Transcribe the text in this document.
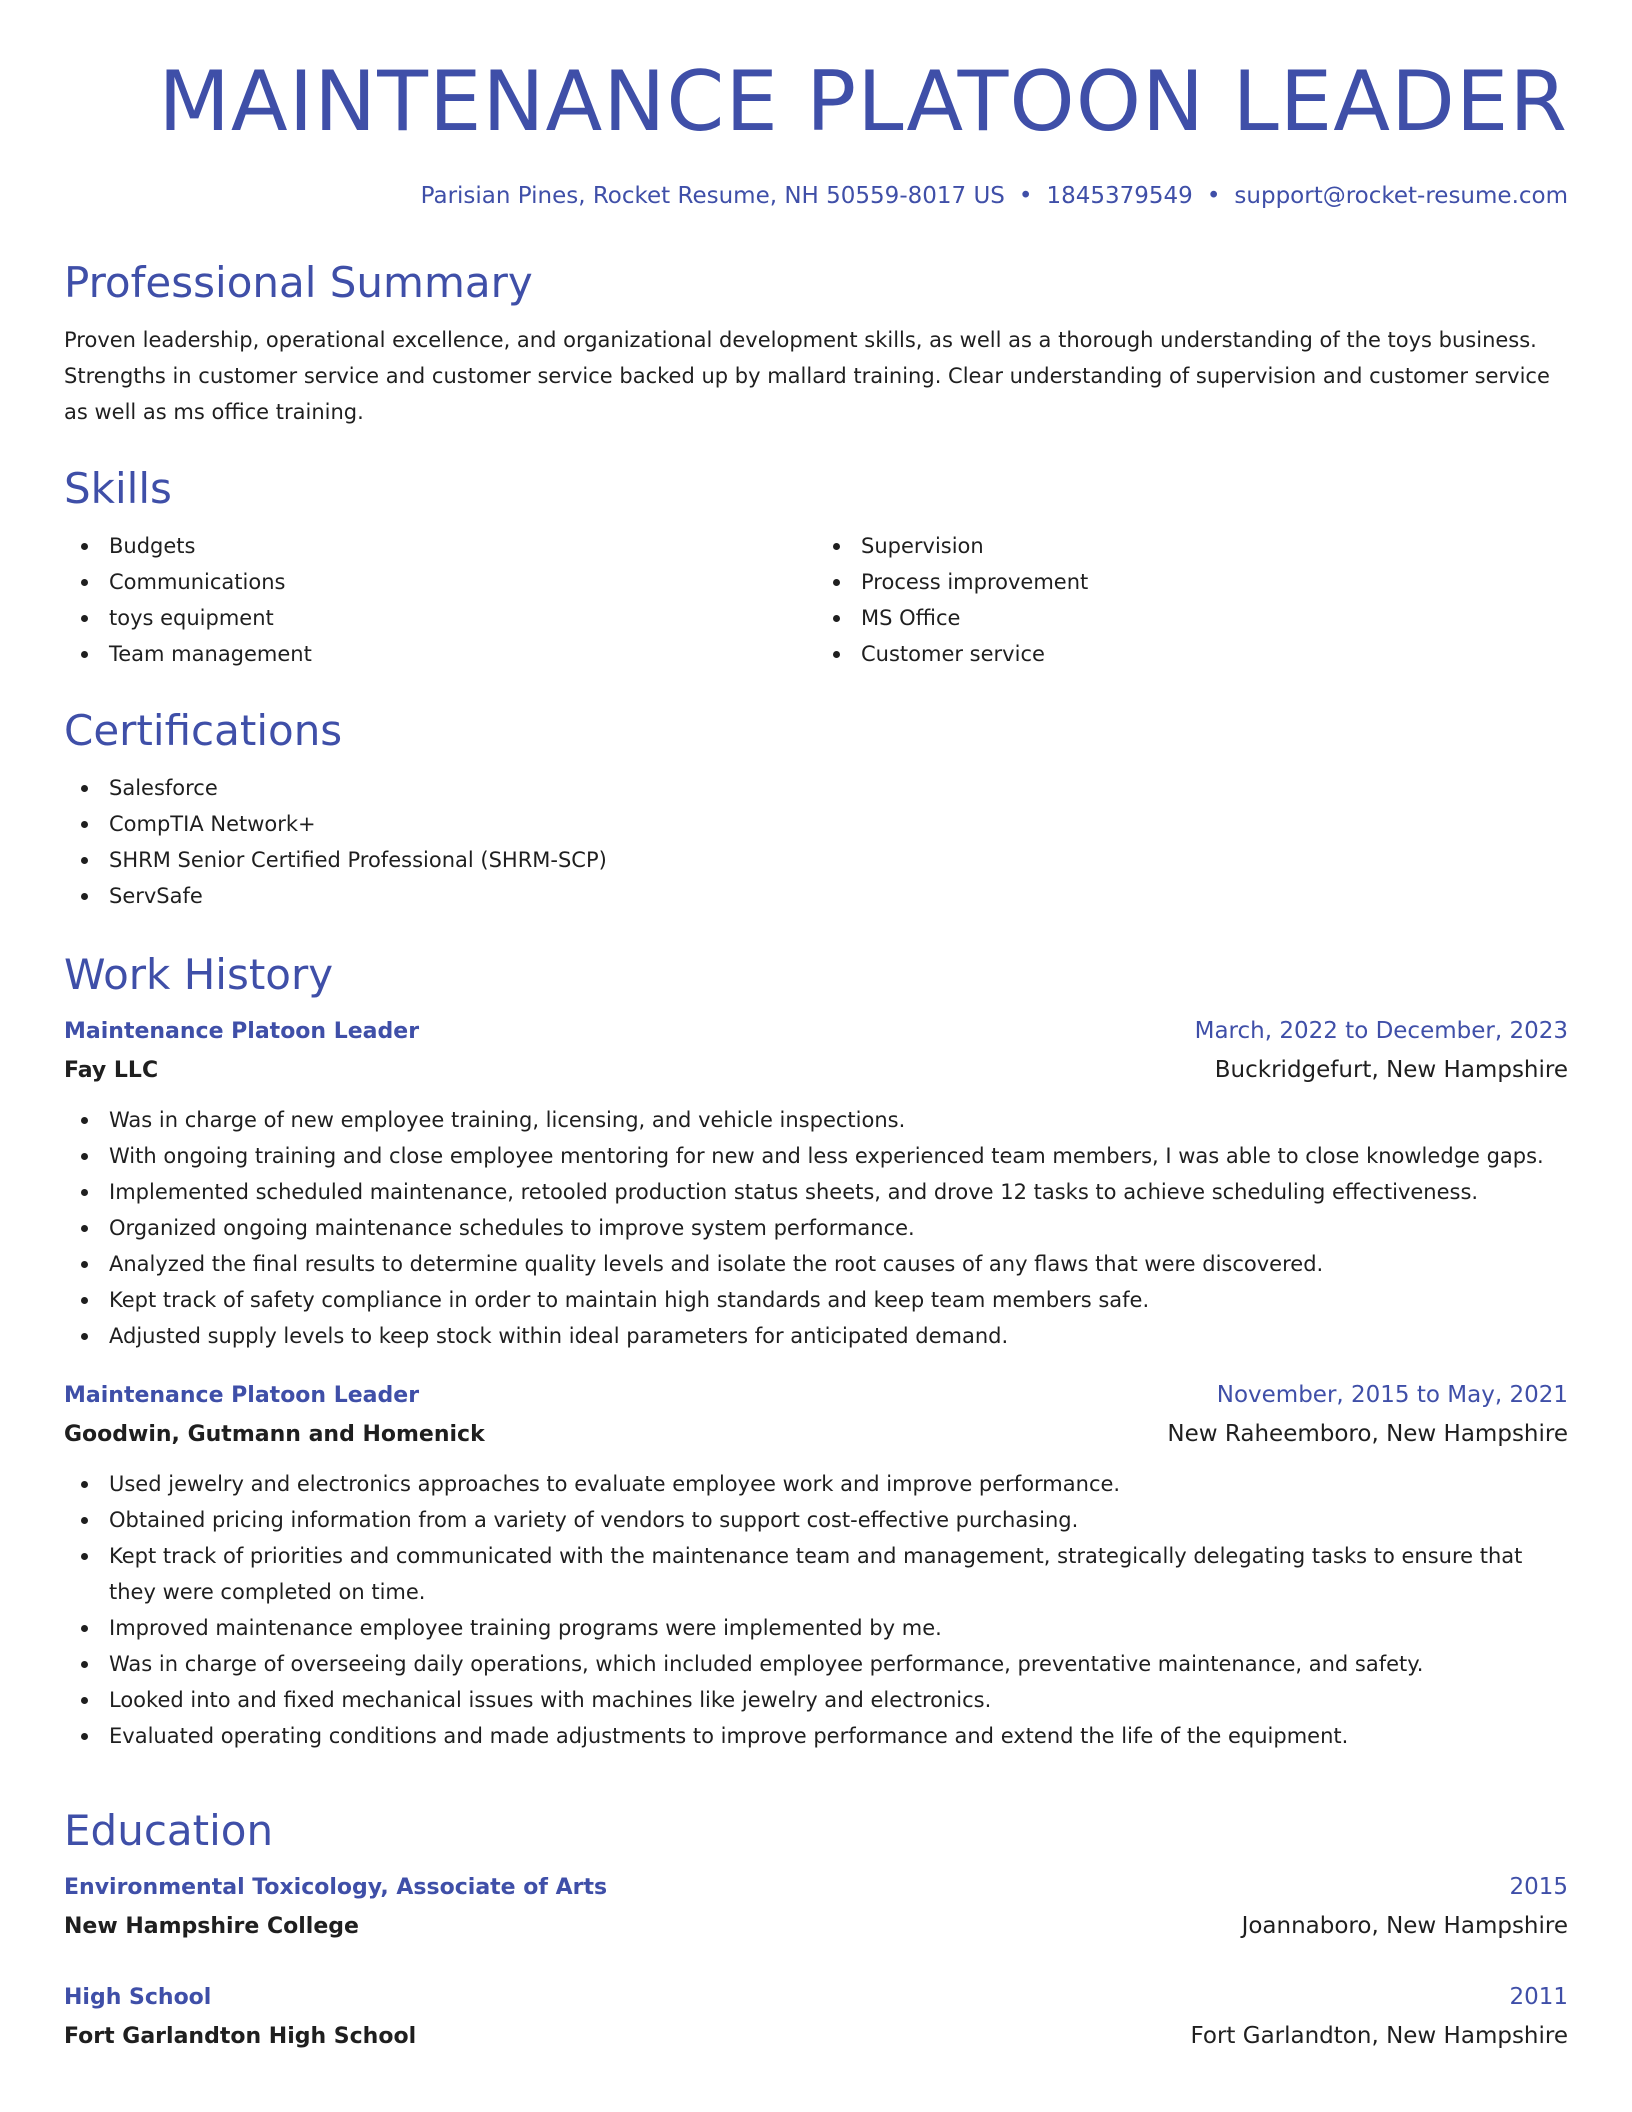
MAINTENANCE PLATOON LEADER
Parisian Pines, Rocket Resume, NH 50559-8017 US • 1845379549 • support@rocket-resume.com
Professional Summary

Proven leadership, operational excellence, and organizational development skills, as well as a thorough understanding of the toys business. Strengths in customer service and customer service backed up by mallard training. Clear understanding of supervision and customer service as well as ms office training.

Skills
Budgets
Communications
toys equipment
Team management
Supervision
Process improvement
MS Office
Customer service
Certifications
Salesforce
CompTIA Network+
SHRM Senior Certified Professional (SHRM-SCP)
ServSafe
Work History
Maintenance Platoon Leader	March, 2022 to December, 2023
Fay LLC	Buckridgefurt, New Hampshire
Was in charge of new employee training, licensing, and vehicle inspections.
With ongoing training and close employee mentoring for new and less experienced team members, I was able to close knowledge gaps.
Implemented scheduled maintenance, retooled production status sheets, and drove 12 tasks to achieve scheduling effectiveness.
Organized ongoing maintenance schedules to improve system performance.
Analyzed the final results to determine quality levels and isolate the root causes of any flaws that were discovered.
Kept track of safety compliance in order to maintain high standards and keep team members safe.
Adjusted supply levels to keep stock within ideal parameters for anticipated demand.
Maintenance Platoon Leader	November, 2015 to May, 2021
Goodwin, Gutmann and Homenick	New Raheemboro, New Hampshire
Used jewelry and electronics approaches to evaluate employee work and improve performance.
Obtained pricing information from a variety of vendors to support cost-effective purchasing.
Kept track of priorities and communicated with the maintenance team and management, strategically delegating tasks to ensure that they were completed on time.
Improved maintenance employee training programs were implemented by me.
Was in charge of overseeing daily operations, which included employee performance, preventative maintenance, and safety.
Looked into and fixed mechanical issues with machines like jewelry and electronics.
Evaluated operating conditions and made adjustments to improve performance and extend the life of the equipment.
Education
Environmental Toxicology, Associate of Arts	2015
New Hampshire College	Joannaboro, New Hampshire
High School	2011
Fort Garlandton High School	Fort Garlandton, New Hampshire
